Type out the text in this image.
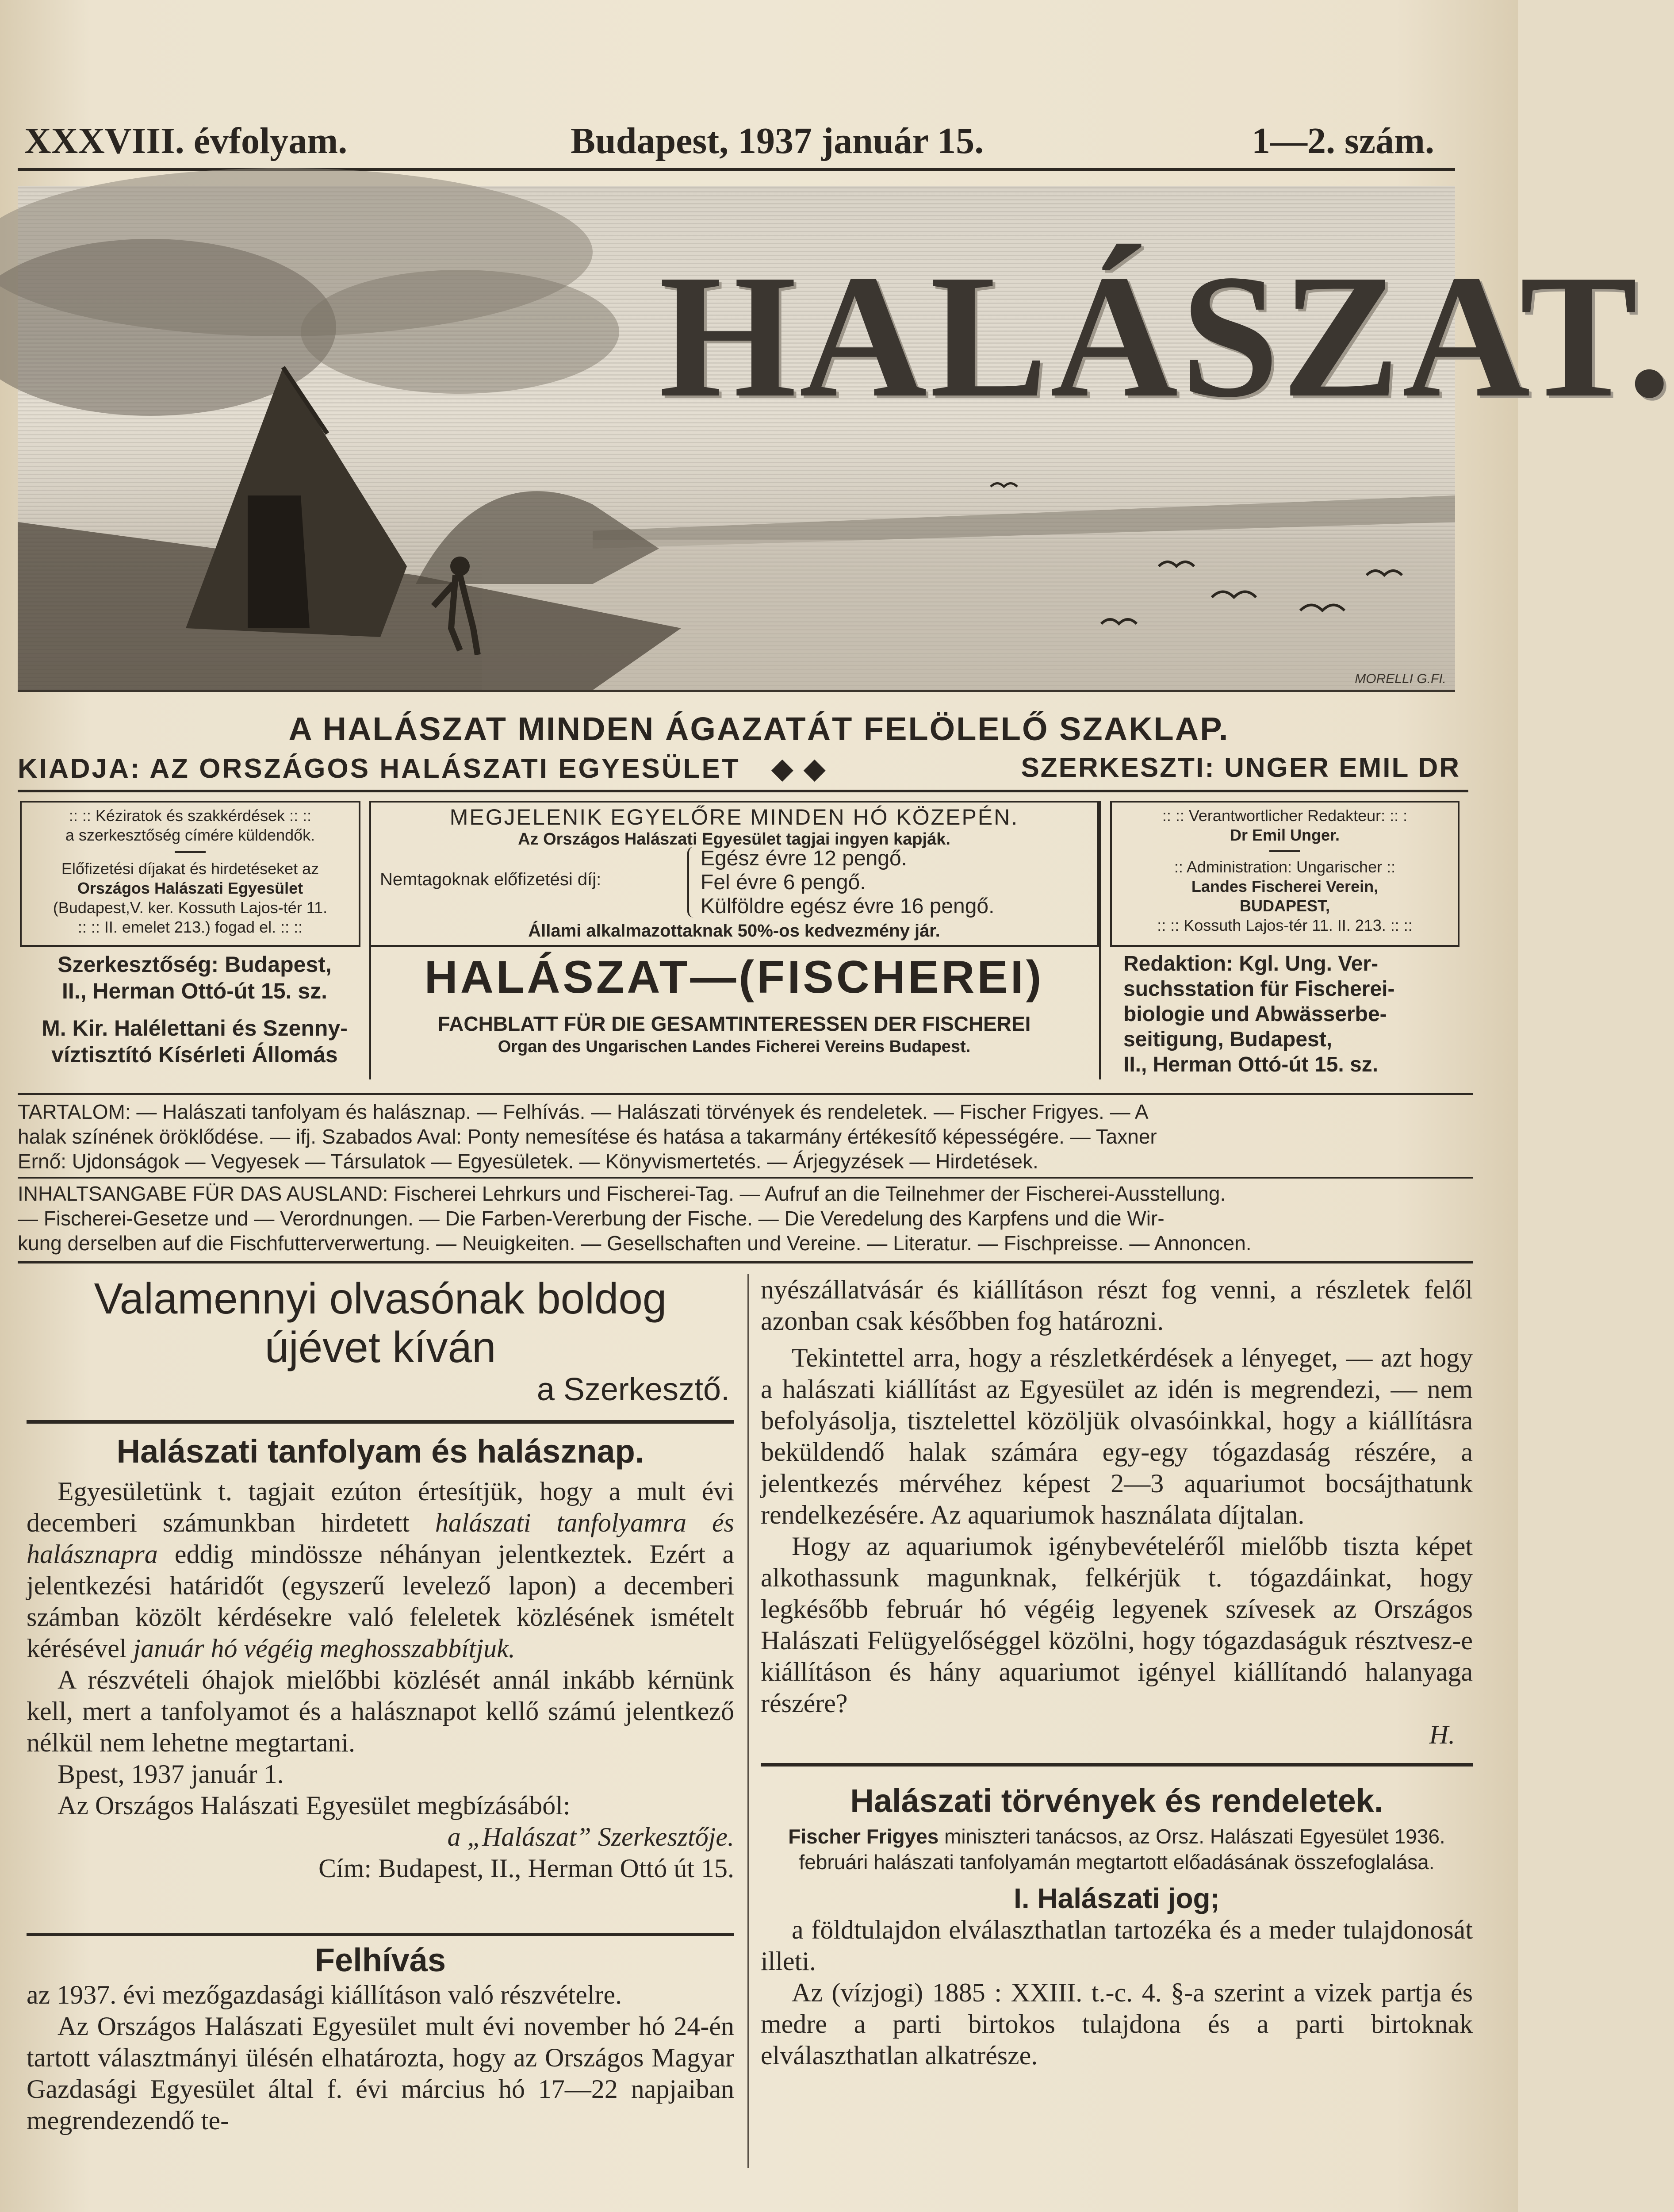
XXXVIII. évfolyam.	Budapest, 1937 január 15.	1—2. szám.
HALÁSZAT.
MORELLI G.FI.
A HALÁSZAT MINDEN ÁGAZATÁT FELÖLELŐ SZAKLAP.
KIADJA: AZ ORSZÁGOS HALÁSZATI EGYESÜLET ◆ ◆	SZERKESZTI: UNGER EMIL DR
:: :: Kéziratok és szakkérdések :: ::
a szerkesztőség címére küldendők.
Előfizetési díjakat és hirdetéseket az
Országos Halászati Egyesület
(Budapest,V. ker. Kossuth Lajos-tér 11.
:: :: II. emelet 213.) fogad el. :: ::
Szerkesztőség: Budapest,
II., Herman Ottó-út 15. sz.
M. Kir. Halélettani és Szenny-
víztisztító Kísérleti Állomás
MEGJELENIK EGYELŐRE MINDEN HÓ KÖZEPÉN.
Az Országos Halászati Egyesület tagjai ingyen kapják.
Nemtagoknak előfizetési díj:
Egész évre 12 pengő.
Fel évre 6 pengő.
Külföldre egész évre 16 pengő.
Állami alkalmazottaknak 50%-os kedvezmény jár.
HALÁSZAT—(FISCHEREI)
FACHBLATT FÜR DIE GESAMTINTERESSEN DER FISCHEREI
Organ des Ungarischen Landes Ficherei Vereins Budapest.
:: :: Verantwortlicher Redakteur: :: :
Dr Emil Unger.
:: Administration: Ungarischer ::
Landes Fischerei Verein,
BUDAPEST,
:: :: Kossuth Lajos-tér 11. II. 213. :: ::
Redaktion: Kgl. Ung. Ver-
suchsstation für Fischerei-
biologie und Abwässerbe-
seitigung, Budapest,
II., Herman Ottó-út 15. sz.
TARTALOM: — Halászati tanfolyam és halásznap. — Felhívás. — Halászati törvények és rendeletek. — Fischer Frigyes. — A
halak színének öröklődése. — ifj. Szabados Aval: Ponty nemesítése és hatása a takarmány értékesítő képességére. — Taxner
Ernő: Ujdonságok — Vegyesek — Társulatok — Egyesületek. — Könyvismertetés. — Árjegyzések — Hirdetések.
INHALTSANGABE FÜR DAS AUSLAND: Fischerei Lehrkurs und Fischerei-Tag. — Aufruf an die Teilnehmer der Fischerei-Ausstellung.
— Fischerei-Gesetze und — Verordnungen. — Die Farben-Vererbung der Fische. — Die Veredelung des Karpfens und die Wir-
kung derselben auf die Fischfutterverwertung. — Neuigkeiten. — Gesellschaften und Vereine. — Literatur. — Fischpreisse. — Annoncen.
Valamennyi olvasónak boldog
újévet kíván
a Szerkesztő.
Halászati tanfolyam és halásznap.

Egyesületünk t. tagjait ezúton értesítjük, hogy a mult évi decemberi számunkban hirdetett halászati tanfolyamra és halásznapra eddig mindössze néhányan jelentkeztek. Ezért a jelentkezési határidőt (egyszerű levelező lapon) a decemberi számban közölt kérdésekre való feleletek közlésének ismételt kérésével január hó végéig meghosszabbítjuk.

A részvételi óhajok mielőbbi közlését annál inkább kérnünk kell, mert a tanfolyamot és a halásznapot kellő számú jelentkező nélkül nem lehetne megtartani.

Bpest, 1937 január 1.

Az Országos Halászati Egyesület megbízásából:

a „Halászat” Szerkesztője.

Cím: Budapest, II., Herman Ottó út 15.

Felhívás

az 1937. évi mezőgazdasági kiállításon való részvételre.

Az Országos Halászati Egyesület mult évi november hó 24-én tartott választmányi ülésén elhatározta, hogy az Országos Magyar Gazdasági Egyesület által f. évi március hó 17—22 napjaiban megrendezendő te-

nyészállatvásár és kiállításon részt fog venni, a részletek felől azonban csak későbben fog határozni.

Tekintettel arra, hogy a részletkérdések a lényeget, — azt hogy a halászati kiállítást az Egyesület az idén is megrendezi, — nem befolyásolja, tisztelettel közöljük olvasóinkkal, hogy a kiállításra beküldendő halak számára egy-egy tógazdaság részére, a jelentkezés mérvéhez képest 2—3 aquariumot bocsájthatunk rendelkezésére. Az aquariumok használata díjtalan.

Hogy az aquariumok igénybevételéről mielőbb tiszta képet alkothassunk magunknak, felkérjük t. tógazdáinkat, hogy legkésőbb február hó végéig legyenek szívesek az Országos Halászati Felügyelőséggel közölni, hogy tógazdaságuk résztvesz-e kiállításon és hány aquariumot igényel kiállítandó halanyaga részére?

H.

Halászati törvények és rendeletek.

Fischer Frigyes miniszteri tanácsos, az Orsz. Halászati Egyesület 1936. februári halászati tanfolyamán megtartott előadásának összefoglalása.

I. Halászati jog;

a földtulajdon elválaszthatlan tartozéka és a meder tulajdonosát illeti.

Az (vízjogi) 1885 : XXIII. t.-c. 4. §-a szerint a vizek partja és medre a parti birtokos tulajdona és a parti birtoknak elválaszthatlan alkatrésze.
